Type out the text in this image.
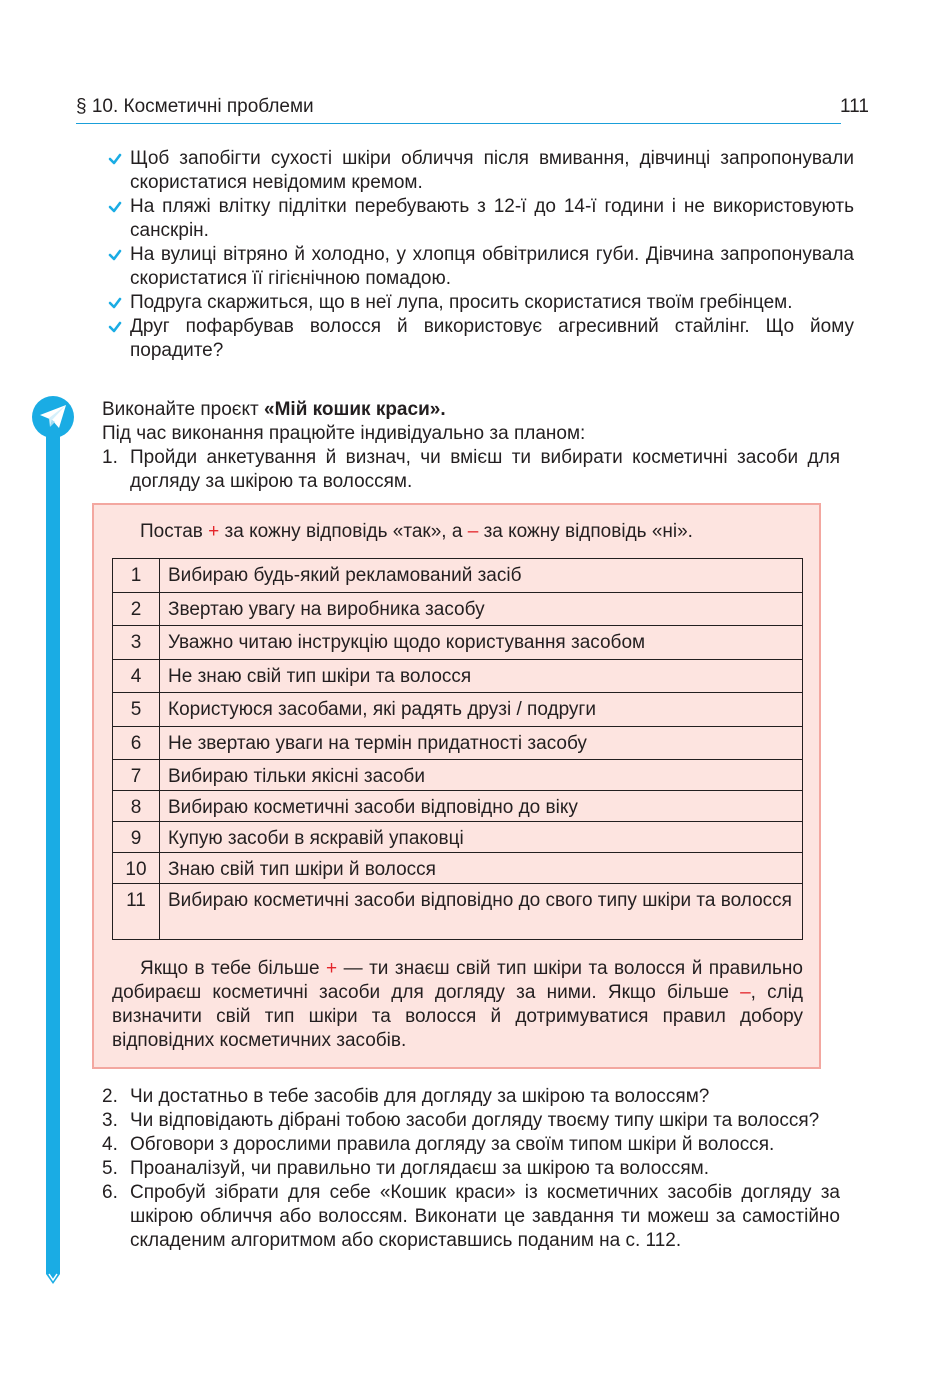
§ 10. Косметичні проблеми	111
Щоб запобігти сухості шкіри обличчя після вмивання, дівчинці запропонували скористатися невідомим кремом.
На пляжі влітку підлітки перебувають з 12-ї до 14-ї години і не використовують санскрін.
На вулиці вітряно й холодно, у хлопця обвітрилися губи. Дівчина запропонувала скористатися її гігієнічною помадою.
Подруга скаржиться, що в неї лупа, просить скористатися твоїм гребінцем.
Друг пофарбував волосся й використовує агресивний стайлінг. Що йому порадите?

Виконайте проєкт «Мій кошик краси».

Під час виконання працюйте індивідуально за планом:

1. Пройди анкетування й визнач, чи вмієш ти вибирати косметичні засоби для догляду за шкірою та волоссям.

Постав + за кожну відповідь «так», а – за кожну відповідь «ні».

1	Вибираю будь-який рекламований засіб
2	Звертаю увагу на виробника засобу
3	Уважно читаю інструкцію щодо користування засобом
4	Не знаю свій тип шкіри та волосся
5	Користуюся засобами, які радять друзі / подруги
6	Не звертаю уваги на термін придатності засобу
7	Вибираю тільки якісні засоби
8	Вибираю косметичні засоби відповідно до віку
9	Купую засоби в яскравій упаковці
10	Знаю свій тип шкіри й волосся
11	Вибираю косметичні засоби відповідно до свого типу шкіри та волосся

Якщо в тебе більше + — ти знаєш свій тип шкіри та волосся й правильно добираєш косметичні засоби для догляду за ними. Якщо більше –, слід визначити свій тип шкіри та волосся й дотримуватися правил добору відповідних косметичних засобів.

2. Чи достатньо в тебе засобів для догляду за шкірою та волоссям?
3. Чи відповідають дібрані тобою засоби догляду твоєму типу шкіри та волосся?
4. Обговори з дорослими правила догляду за своїм типом шкіри й волосся.
5. Проаналізуй, чи правильно ти доглядаєш за шкірою та волоссям.
6. Спробуй зібрати для себе «Кошик краси» із косметичних засобів догляду за шкірою обличчя або волоссям. Виконати це завдання ти можеш за самостійно складеним алгоритмом або скориставшись поданим на с. 112.
